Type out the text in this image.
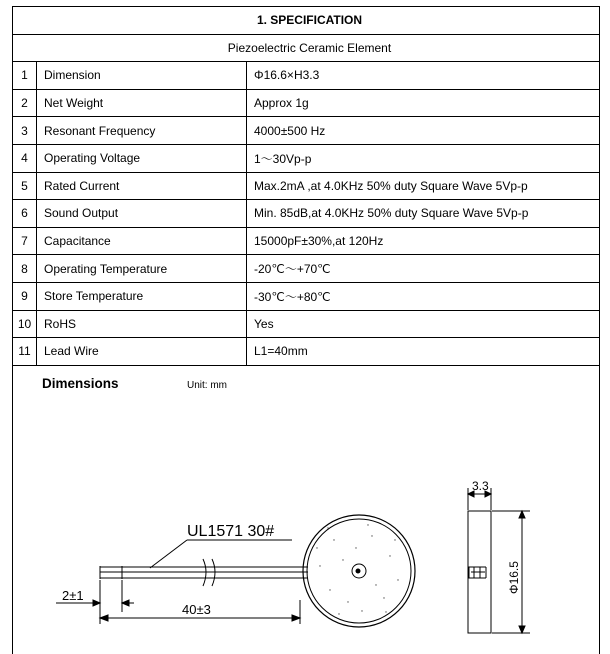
1. SPECIFICATION		
Piezoelectric Ceramic Element		
1	Dimension	Φ16.6×H3.3
2	Net Weight	Approx 1g
3	Resonant Frequency	4000±500 Hz
4	Operating Voltage	1～30Vp-p
5	Rated Current	Max.2mA ,at 4.0KHz 50% duty Square Wave 5Vp-p
6	Sound Output	Min. 85dB,at 4.0KHz 50% duty Square Wave 5Vp-p
7	Capacitance	15000pF±30%,at 120Hz
8	Operating Temperature	-20℃～+70℃
9	Store Temperature	-30℃～+80℃
10	RoHS	Yes
11	Lead Wire	L1=40mm
Dimensions	Unit: mm
UL1571 30#
2±1
40±3
3.3
Φ16.5
